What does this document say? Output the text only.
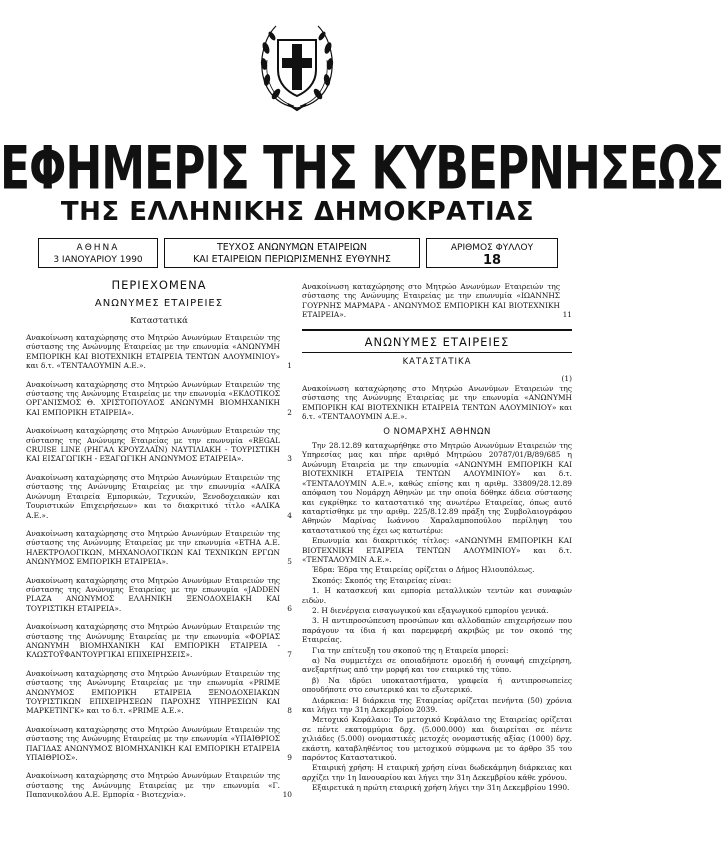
ΕΦΗΜΕΡΙΣ ΤΗΣ ΚΥΒΕΡΝΗΣΕΩΣ
ΤΗΣ ΕΛΛΗΝΙΚΗΣ ΔΗΜΟΚΡΑΤΙΑΣ
ΑΘΗΝΑ
3 ΙΑΝΟΥΑΡΙΟΥ 1990
ΤΕΥΧΟΣ ΑΝΩΝΥΜΩΝ ΕΤΑΙΡΕΙΩΝ
ΚΑΙ ΕΤΑΙΡΕΙΩΝ ΠΕΡΙΩΡΙΣΜΕΝΗΣ ΕΥΘΥΝΗΣ
ΑΡΙΘΜΟΣ ΦΥΛΛΟΥ
18
ΠΕΡΙΕΧΟΜΕΝΑ
ΑΝΩΝΥΜΕΣ ΕΤΑΙΡΕΙΕΣ
Καταστατικά
Ανακοίνωση καταχώρησης στο Μητρώο Ανωνύμων Εταιρειών της σύστασης της Ανώνυμης Εταιρείας με την επωνυμία «ΑΝΩΝΥΜΗ ΕΜΠΟΡΙΚΗ ΚΑΙ ΒΙΟΤΕΧΝΙΚΗ ΕΤΑΙΡΕΙΑ ΤΕΝΤΩΝ ΑΛΟΥΜΙΝΙΟΥ» και δ.τ. «ΤΕΝΤΑΛΟΥΜΙΝ Α.Ε.».	1
Ανακοίνωση καταχώρησης στο Μητρώο Ανωνύμων Εταιρειών της σύστασης της Ανώνυμης Εταιρείας με την επωνυμία «ΕΚΔΟΤΙΚΟΣ ΟΡΓΑΝΙΣΜΟΣ Θ. ΧΡΙΣΤΟΠΟΥΛΟΣ ΑΝΩΝΥΜΗ ΒΙΟΜΗΧΑΝΙΚΗ ΚΑΙ ΕΜΠΟΡΙΚΗ ΕΤΑΙΡΕΙΑ».	2
Ανακοίνωση καταχώρησης στο Μητρώο Ανωνύμων Εταιρειών της σύστασης της Ανώνυμης Εταιρείας με την επωνυμία «REGAL CRUISE LINE (ΡΗΓΑΛ ΚΡΟΥΖΛΑΪΝ) ΝΑΥΤΙΛΙΑΚΗ - ΤΟΥΡΙΣΤΙΚΗ ΚΑΙ ΕΙΣΑΓΩΓΙΚΗ - ΕΞΑΓΩΓΙΚΗ ΑΝΩΝΥΜΟΣ ΕΤΑΙΡΕΙΑ».	3
Ανακοίνωση καταχώρησης στο Μητρώο Ανωνύμων Εταιρειών της σύστασης της Ανώνυμης Εταιρείας με την επωνυμία «ΑΛΙΚΑ Ανώνυμη Εταιρεία Εμπορικών, Τεχνικών, Ξενοδοχειακών και Τουριστικών Επιχειρήσεων» και το διακριτικό τίτλο «ΑΛΙΚΑ Α.Ε.».	4
Ανακοίνωση καταχώρησης στο Μητρώο Ανωνύμων Εταιρειών της σύστασης της Ανώνυμης Εταιρείας με την επωνυμία «ΕΤΗΑ Α.Ε. ΗΛΕΚΤΡΟΛΟΓΙΚΩΝ, ΜΗΧΑΝΟΛΟΓΙΚΩΝ ΚΑΙ ΤΕΧΝΙΚΩΝ ΕΡΓΩΝ ΑΝΩΝΥΜΟΣ ΕΜΠΟΡΙΚΗ ΕΤΑΙΡΕΙΑ».	5
Ανακοίνωση καταχώρησης στο Μητρώο Ανωνύμων Εταιρειών της σύστασης της Ανώνυμης Εταιρείας με την επωνυμία «JADDEN PLAZA ΑΝΩΝΥΜΟΣ ΕΛΛΗΝΙΚΗ ΞΕΝΟΔΟΧΕΙΑΚΗ ΚΑΙ ΤΟΥΡΙΣΤΙΚΗ ΕΤΑΙΡΕΙΑ».	6
Ανακοίνωση καταχώρησης στο Μητρώο Ανωνύμων Εταιρειών της σύστασης της Ανώνυμης Εταιρείας με την επωνυμία «ΦΟΡΙΑΣ ΑΝΩΝΥΜΗ ΒΙΟΜΗΧΑΝΙΚΗ ΚΑΙ ΕΜΠΟΡΙΚΗ ΕΤΑΙΡΕΙΑ - ΚΛΩΣΤΟΫΦΑΝΤΟΥΡΓΙΚΑΙ ΕΠΙΧΕΙΡΗΣΕΙΣ».	7
Ανακοίνωση καταχώρησης στο Μητρώο Ανωνύμων Εταιρειών της σύστασης της Ανώνυμης Εταιρείας με την επωνυμία «PRIME ΑΝΩΝΥΜΟΣ ΕΜΠΟΡΙΚΗ ΕΤΑΙΡΕΙΑ ΞΕΝΟΔΟΧΕΙΑΚΩΝ ΤΟΥΡΙΣΤΙΚΩΝ ΕΠΙΧΕΙΡΗΣΕΩΝ ΠΑΡΟΧΗΣ ΥΠΗΡΕΣΙΩΝ ΚΑΙ ΜΑΡΚΕΤΙΝΓΚ» και το δ.τ. «PRIME A.E.».	8
Ανακοίνωση καταχώρησης στο Μητρώο Ανωνύμων Εταιρειών της σύστασης της Ανώνυμης Εταιρείας με την επωνυμία «ΥΠΑΙΘΡΙΟΣ ΠΑΓΙΔΑΣ ΑΝΩΝΥΜΟΣ ΒΙΟΜΗΧΑΝΙΚΗ ΚΑΙ ΕΜΠΟΡΙΚΗ ΕΤΑΙΡΕΙΑ ΥΠΑΙΘΡΙΟΣ».	9
Ανακοίνωση καταχώρησης στο Μητρώο Ανωνύμων Εταιρειών της σύστασης της Ανώνυμης Εταιρείας με την επωνυμία «Γ. Παπανικολάου Α.Ε. Εμπορία - Βιοτεχνία».	10
Ανακοίνωση καταχώρησης στο Μητρώο Ανωνύμων Εταιρειών της σύστασης της Ανώνυμης Εταιρείας με την επωνυμία «ΙΩΑΝΝΗΣ ΓΟΥΡΝΗΣ ΜΑΡΜΑΡΑ - ΑΝΩΝΥΜΟΣ ΕΜΠΟΡΙΚΗ ΚΑΙ ΒΙΟΤΕΧΝΙΚΗ ΕΤΑΙΡΕΙΑ».	11
ΑΝΩΝΥΜΕΣ ΕΤΑΙΡΕΙΕΣ
ΚΑΤΑΣΤΑΤΙΚΑ
(1)
Ανακοίνωση καταχώρησης στο Μητρώο Ανωνύμων Εταιρειών της σύστασης της Ανώνυμης Εταιρείας με την επωνυμία «ΑΝΩΝΥΜΗ ΕΜΠΟΡΙΚΗ ΚΑΙ ΒΙΟΤΕΧΝΙΚΗ ΕΤΑΙΡΕΙΑ ΤΕΝΤΩΝ ΑΛΟΥΜΙΝΙΟΥ» και δ.τ. «ΤΕΝΤΑΛΟΥΜΙΝ Α.Ε.».
Ο ΝΟΜΑΡΧΗΣ ΑΘΗΝΩΝ
Την 28.12.89 καταχωρήθηκε στο Μητρώο Ανωνύμων Εταιρειών της Υπηρεσίας μας και πήρε αριθμό Μητρώου 20787/01/Β/89/685 η Ανώνυμη Εταιρεία με την επωνυμία «ΑΝΩΝΥΜΗ ΕΜΠΟΡΙΚΗ ΚΑΙ ΒΙΟΤΕΧΝΙΚΗ ΕΤΑΙΡΕΙΑ ΤΕΝΤΩΝ ΑΛΟΥΜΙΝΙΟΥ» και δ.τ. «ΤΕΝΤΑΛΟΥΜΙΝ Α.Ε.», καθώς επίσης και η αριθμ. 33809/28.12.89 απόφαση του Νομάρχη Αθηνών με την οποία δόθηκε άδεια σύστασης και εγκρίθηκε το καταστατικό της ανωτέρω Εταιρείας, όπως αυτό καταρτίσθηκε με την αριθμ. 225/8.12.89 πράξη της Συμβολαιογράφου Αθηνών Μαρίνας Ιωάννου Χαραλαμποπούλου περίληψη του καταστατικού της έχει ως κατωτέρω:
Επωνυμία και διακριτικός τίτλος: «ΑΝΩΝΥΜΗ ΕΜΠΟΡΙΚΗ ΚΑΙ ΒΙΟΤΕΧΝΙΚΗ ΕΤΑΙΡΕΙΑ ΤΕΝΤΩΝ ΑΛΟΥΜΙΝΙΟΥ» και δ.τ. «ΤΕΝΤΑΛΟΥΜΙΝ Α.Ε.».
Έδρα: Έδρα της Εταιρείας ορίζεται ο Δήμος Ηλιουπόλεως.
Σκοπός: Σκοπός της Εταιρείας είναι:
1. Η κατασκευή και εμπορία μεταλλικών τεντών και συναφών ειδών.
2. Η διενέργεια εισαγωγικού και εξαγωγικού εμπορίου γενικά.
3. Η αντιπροσώπευση προσώπων και αλλοδαπών επιχειρήσεων που παράγουν τα ίδια ή και παρεμφερή ακριβώς με τον σκοπό της Εταιρείας.
Για την επίτευξη του σκοπού της η Εταιρεία μπορεί:
α) Να συμμετέχει σε οποιαδήποτε ομοειδή ή συναφή επιχείρηση, ανεξαρτήτως από την μορφή και τον εταιρικό της τύπο.
β) Να ιδρύει υποκαταστήματα, γραφεία ή αντιπροσωπείες οπουδήποτε στο εσωτερικό και το εξωτερικό.
Διάρκεια: Η διάρκεια της Εταιρείας ορίζεται πενήντα (50) χρόνια και λήγει την 31η Δεκεμβρίου 2039.
Μετοχικό Κεφάλαιο: Το μετοχικό Κεφάλαιο της Εταιρείας ορίζεται σε πέντε εκατομμύρια δρχ. (5.000.000) και διαιρείται σε πέντε χιλιάδες (5.000) ονομαστικές μετοχές ονομαστικής αξίας (1000) δρχ. εκάστη, καταβληθέντος του μετοχικού σύμφωνα με το άρθρο 35 του παρόντος Καταστατικού.
Εταιρική χρήση: Η εταιρική χρήση είναι δωδεκάμηνη διάρκειας και αρχίζει την 1η Ιανουαρίου και λήγει την 31η Δεκεμβρίου κάθε χρόνου.
Εξαιρετικά η πρώτη εταιρική χρήση λήγει την 31η Δεκεμβρίου 1990.
